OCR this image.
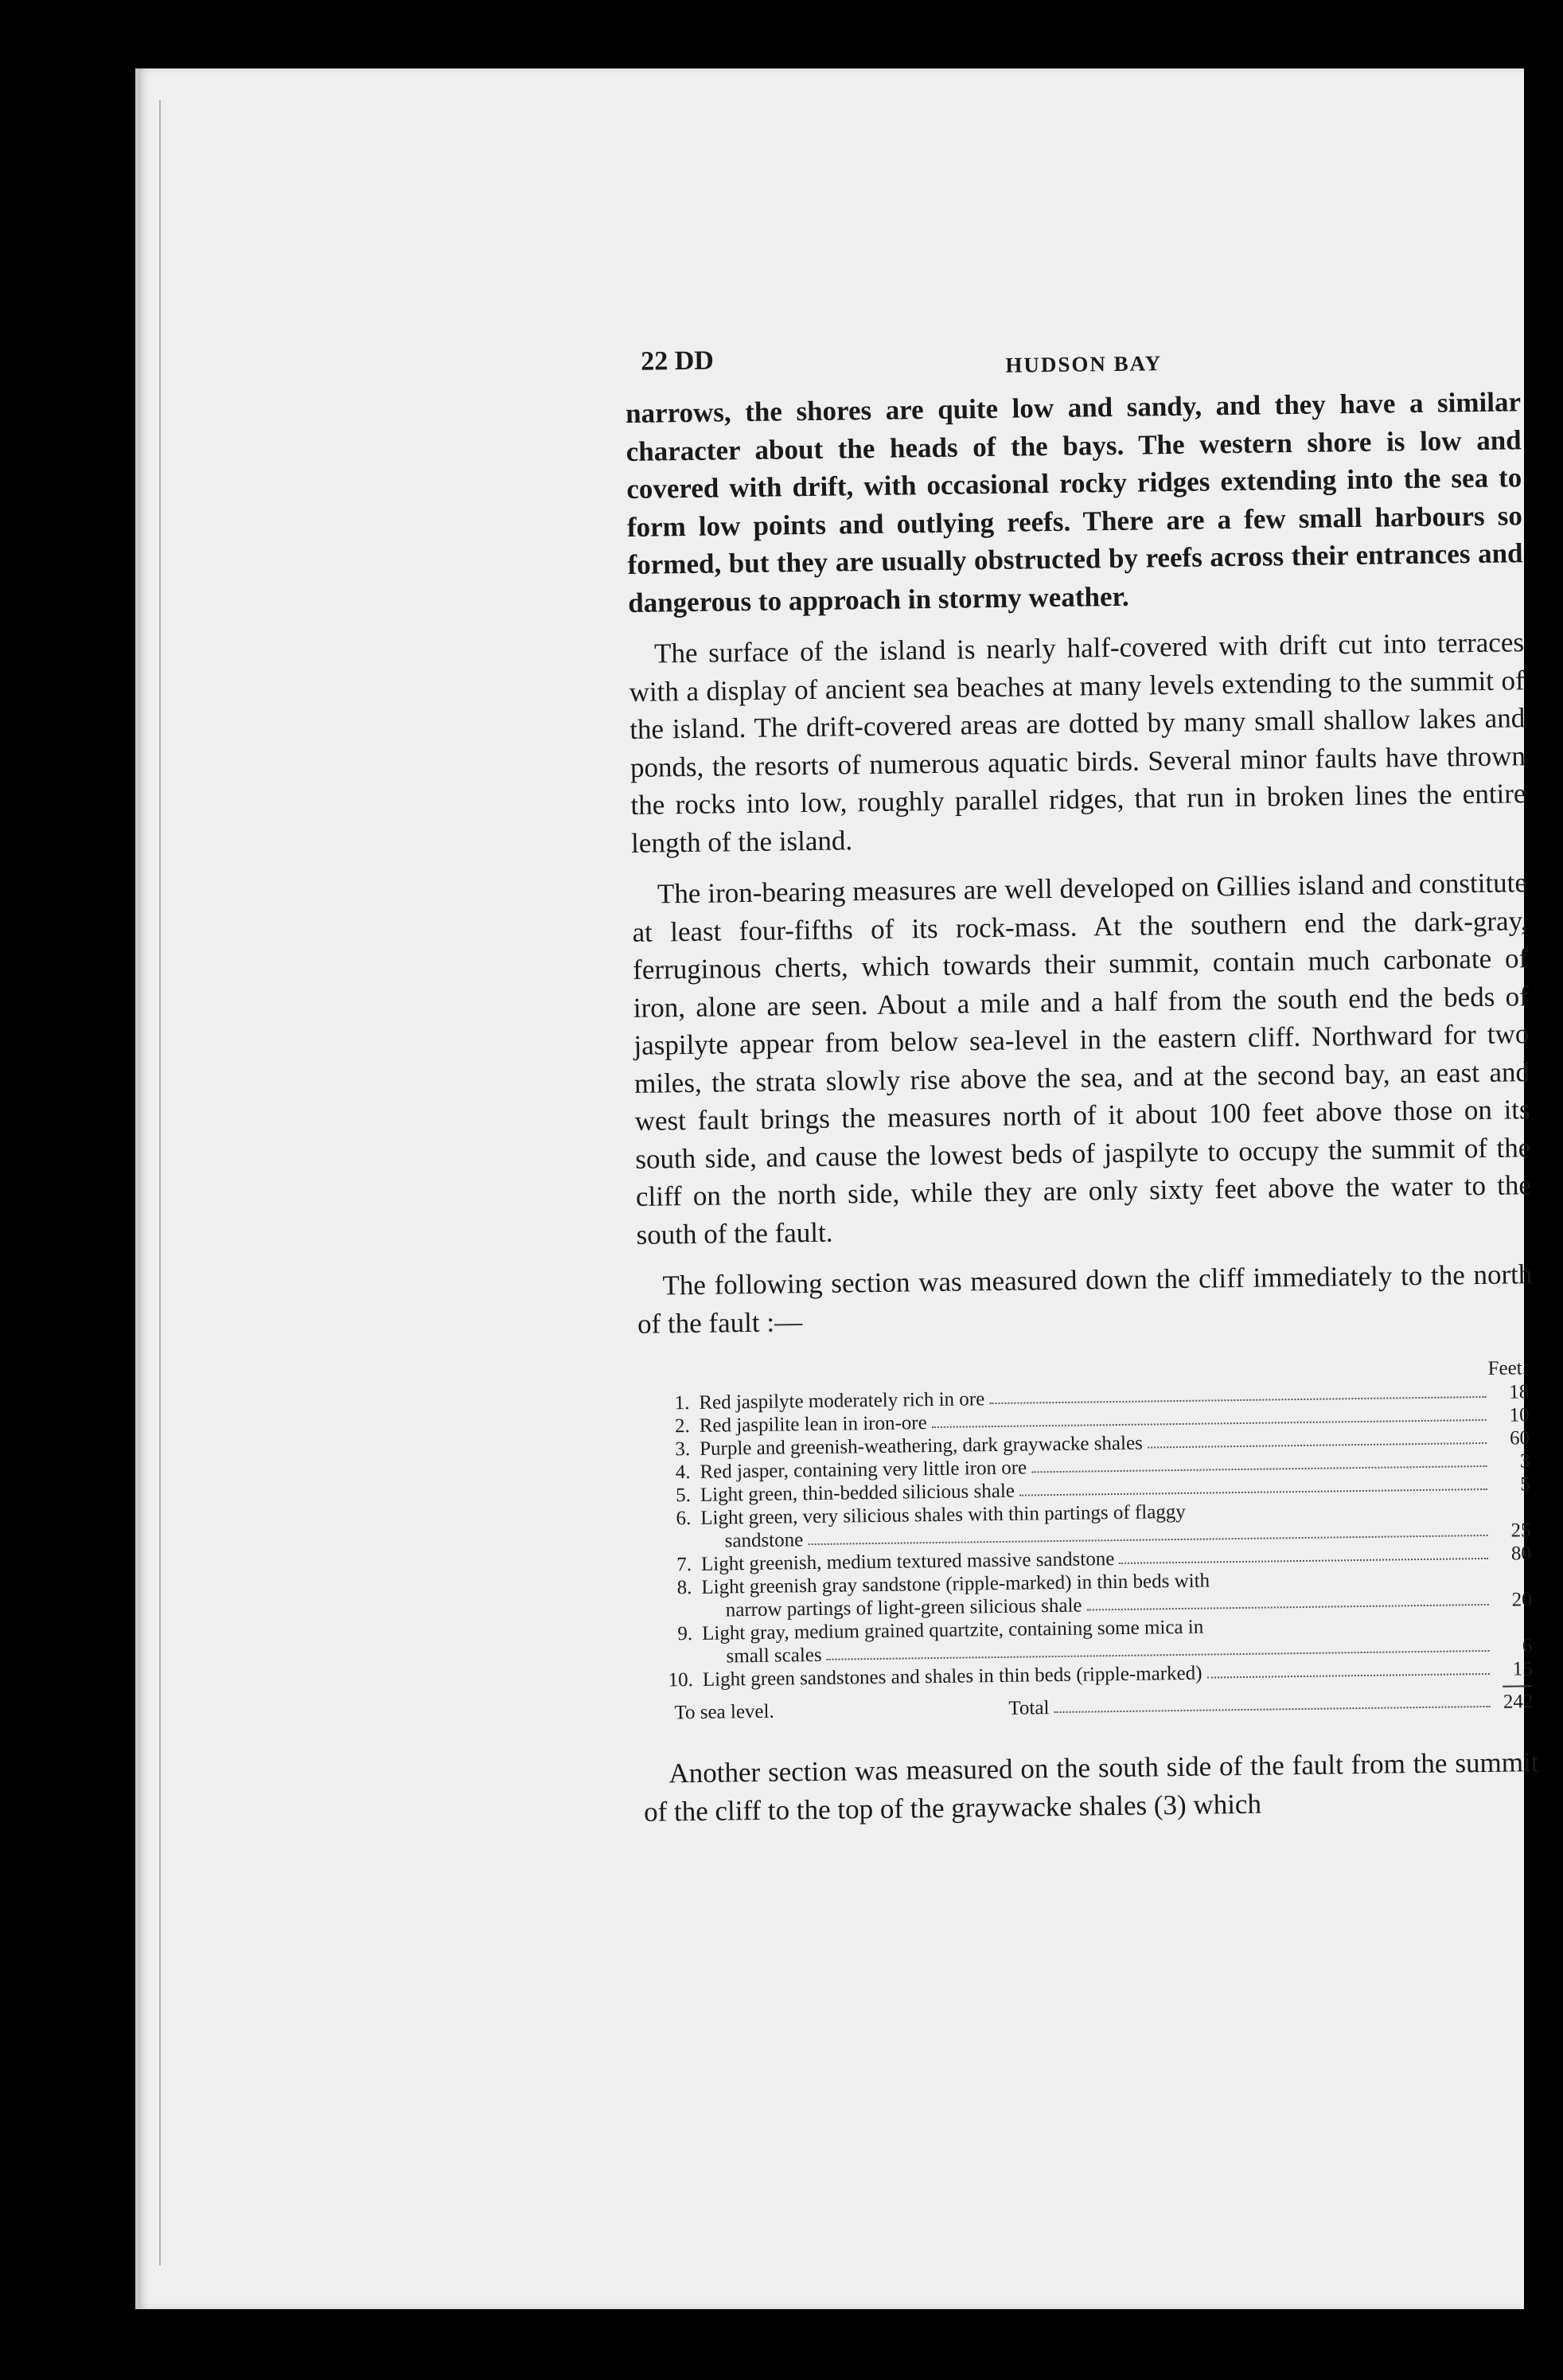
22 DD	HUDSON BAY

narrows, the shores are quite low and sandy, and they have a similar character about the heads of the bays. The western shore is low and covered with drift, with occasional rocky ridges extending into the sea to form low points and outlying reefs. There are a few small harbours so formed, but they are usually obstructed by reefs across their entrances and dangerous to approach in stormy weather.

The surface of the island is nearly half-covered with drift cut into terraces with a display of ancient sea beaches at many levels extending to the summit of the island. The drift-covered areas are dotted by many small shallow lakes and ponds, the resorts of numerous aquatic birds. Several minor faults have thrown the rocks into low, roughly parallel ridges, that run in broken lines the entire length of the island.

The iron-bearing measures are well developed on Gillies island and constitute at least four-fifths of its rock-mass. At the southern end the dark-gray, ferruginous cherts, which towards their summit, contain much carbonate of iron, alone are seen. About a mile and a half from the south end the beds of jaspilyte appear from below sea-level in the eastern cliff. Northward for two miles, the strata slowly rise above the sea, and at the second bay, an east and west fault brings the measures north of it about 100 feet above those on its south side, and cause the lowest beds of jaspilyte to occupy the summit of the cliff on the north side, while they are only sixty feet above the water to the south of the fault.

The following section was measured down the cliff immediately to the north of the fault :—

Feet.
1. Red jaspilyte moderately rich in ore	18
2. Red jaspilite lean in iron-ore	10
3. Purple and greenish-weathering, dark graywacke shales	60
4. Red jasper, containing very little iron ore	3
5. Light green, thin-bedded silicious shale	5
6. Light green, very silicious shales with thin partings of flaggy
sandstone	25
7. Light greenish, medium textured massive sandstone	80
8. Light greenish gray sandstone (ripple-marked) in thin beds with
narrow partings of light-green silicious shale	20
9. Light gray, medium grained quartzite, containing some mica in
small scales	6
10. Light green sandstones and shales in thin beds (ripple-marked)	15
To sea level.	Total	242

Another section was measured on the south side of the fault from the summit of the cliff to the top of the graywacke shales (3) which
